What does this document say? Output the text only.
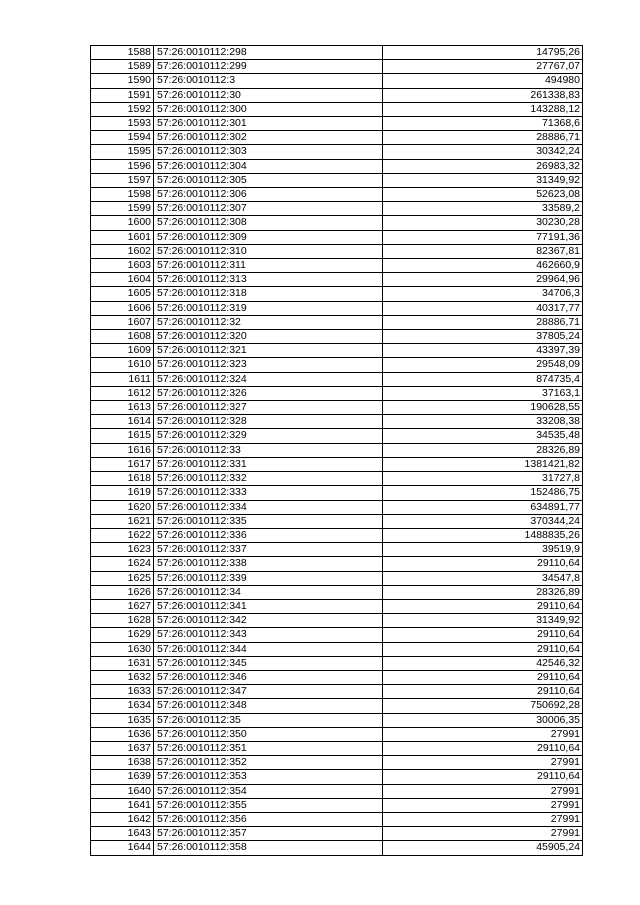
1588	57:26:0010112:298	14795,26
1589	57:26:0010112:299	27767,07
1590	57:26:0010112:3	494980
1591	57:26:0010112:30	261338,83
1592	57:26:0010112:300	143288,12
1593	57:26:0010112:301	71368,6
1594	57:26:0010112:302	28886,71
1595	57:26:0010112:303	30342,24
1596	57:26:0010112:304	26983,32
1597	57:26:0010112:305	31349,92
1598	57:26:0010112:306	52623,08
1599	57:26:0010112:307	33589,2
1600	57:26:0010112:308	30230,28
1601	57:26:0010112:309	77191,36
1602	57:26:0010112:310	82367,81
1603	57:26:0010112:311	462660,9
1604	57:26:0010112:313	29964,96
1605	57:26:0010112:318	34706,3
1606	57:26:0010112:319	40317,77
1607	57:26:0010112:32	28886,71
1608	57:26:0010112:320	37805,24
1609	57:26:0010112:321	43397,39
1610	57:26:0010112:323	29548,09
1611	57:26:0010112:324	874735,4
1612	57:26:0010112:326	37163,1
1613	57:26:0010112:327	190628,55
1614	57:26:0010112:328	33208,38
1615	57:26:0010112:329	34535,48
1616	57:26:0010112:33	28326,89
1617	57:26:0010112:331	1381421,82
1618	57:26:0010112:332	31727,8
1619	57:26:0010112:333	152486,75
1620	57:26:0010112:334	634891,77
1621	57:26:0010112:335	370344,24
1622	57:26:0010112:336	1488835,26
1623	57:26:0010112:337	39519,9
1624	57:26:0010112:338	29110,64
1625	57:26:0010112:339	34547,8
1626	57:26:0010112:34	28326,89
1627	57:26:0010112:341	29110,64
1628	57:26:0010112:342	31349,92
1629	57:26:0010112:343	29110,64
1630	57:26:0010112:344	29110,64
1631	57:26:0010112:345	42546,32
1632	57:26:0010112:346	29110,64
1633	57:26:0010112:347	29110,64
1634	57:26:0010112:348	750692,28
1635	57:26:0010112:35	30006,35
1636	57:26:0010112:350	27991
1637	57:26:0010112:351	29110,64
1638	57:26:0010112:352	27991
1639	57:26:0010112:353	29110,64
1640	57:26:0010112:354	27991
1641	57:26:0010112:355	27991
1642	57:26:0010112:356	27991
1643	57:26:0010112:357	27991
1644	57:26:0010112:358	45905,24
